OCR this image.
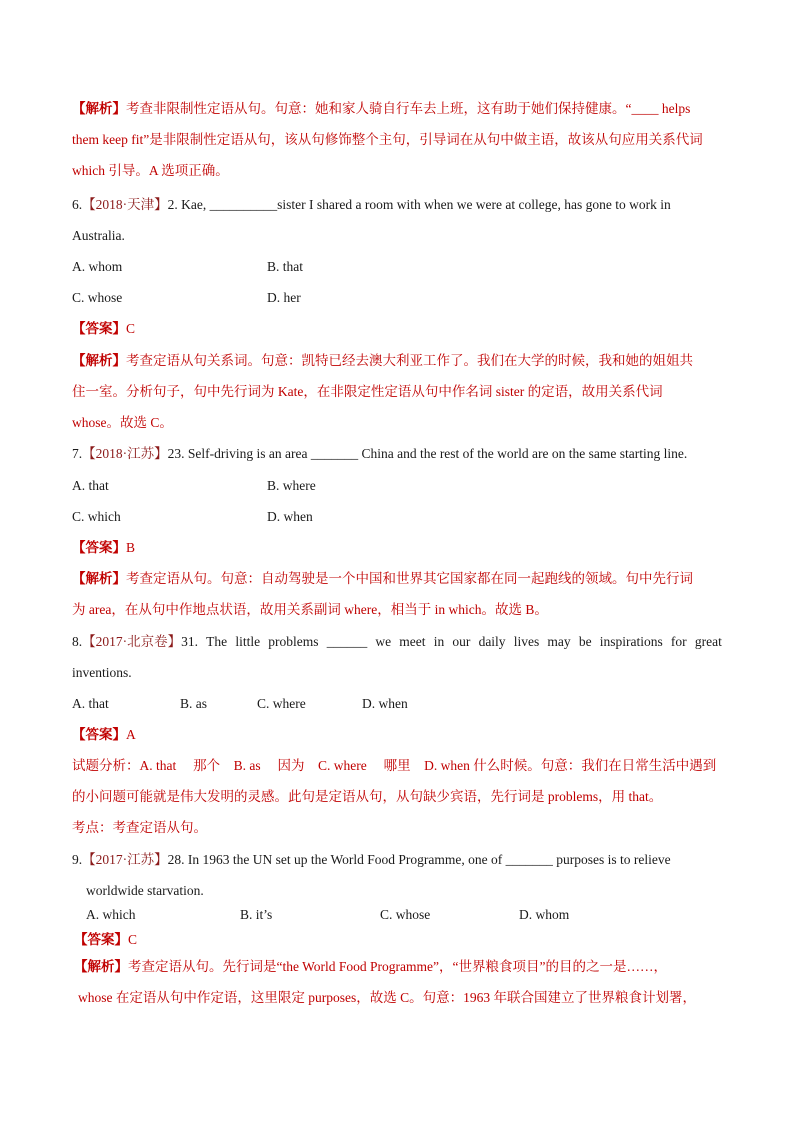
【解析】考查非限制性定语从句。句意：她和家人骑自行车去上班，这有助于她们保持健康。“____ helps
them keep fit”是非限制性定语从句，该从句修饰整个主句，引导词在从句中做主语，故该从句应用关系代词
which 引导。A 选项正确。
6.【2018·天津】2. Kae, __________sister I shared a room with when we were at college, has gone to work in
Australia.
A. whom	B. that
C. whose	D. her
【答案】C
【解析】考查定语从句关系词。句意：凯特已经去澳大利亚工作了。我们在大学的时候，我和她的姐姐共
住一室。分析句子，句中先行词为 Kate，在非限定性定语从句中作名词 sister 的定语，故用关系代词
whose。故选 C。
7.【2018·江苏】23. Self-driving is an area _______ China and the rest of the world are on the same starting line.
A. that	B. where
C. which	D. when
【答案】B
【解析】考查定语从句。句意：自动驾驶是一个中国和世界其它国家都在同一起跑线的领域。句中先行词
为 area，在从句中作地点状语，故用关系副词 where，相当于 in which。故选 B。
8.【2017·北京卷】31. The little problems ______ we meet in our daily lives may be inspirations for great
inventions.
A. that	B. as	C. where	D. when
【答案】A
试题分析：A. that　 那个　B. as　 因为　C. where　 哪里　D. when 什么时候。句意：我们在日常生活中遇到
的小问题可能就是伟大发明的灵感。此句是定语从句，从句缺少宾语，先行词是 problems，用 that。
考点：考查定语从句。
9.【2017·江苏】28. In 1963 the UN set up the World Food Programme, one of _______ purposes is to relieve
worldwide starvation.
A. which	B. it’s	C. whose	D. whom
【答案】C
【解析】考查定语从句。先行词是“the World Food Programme”，“世界粮食项目”的目的之一是……，
whose 在定语从句中作定语，这里限定 purposes，故选 C。句意：1963 年联合国建立了世界粮食计划署，
